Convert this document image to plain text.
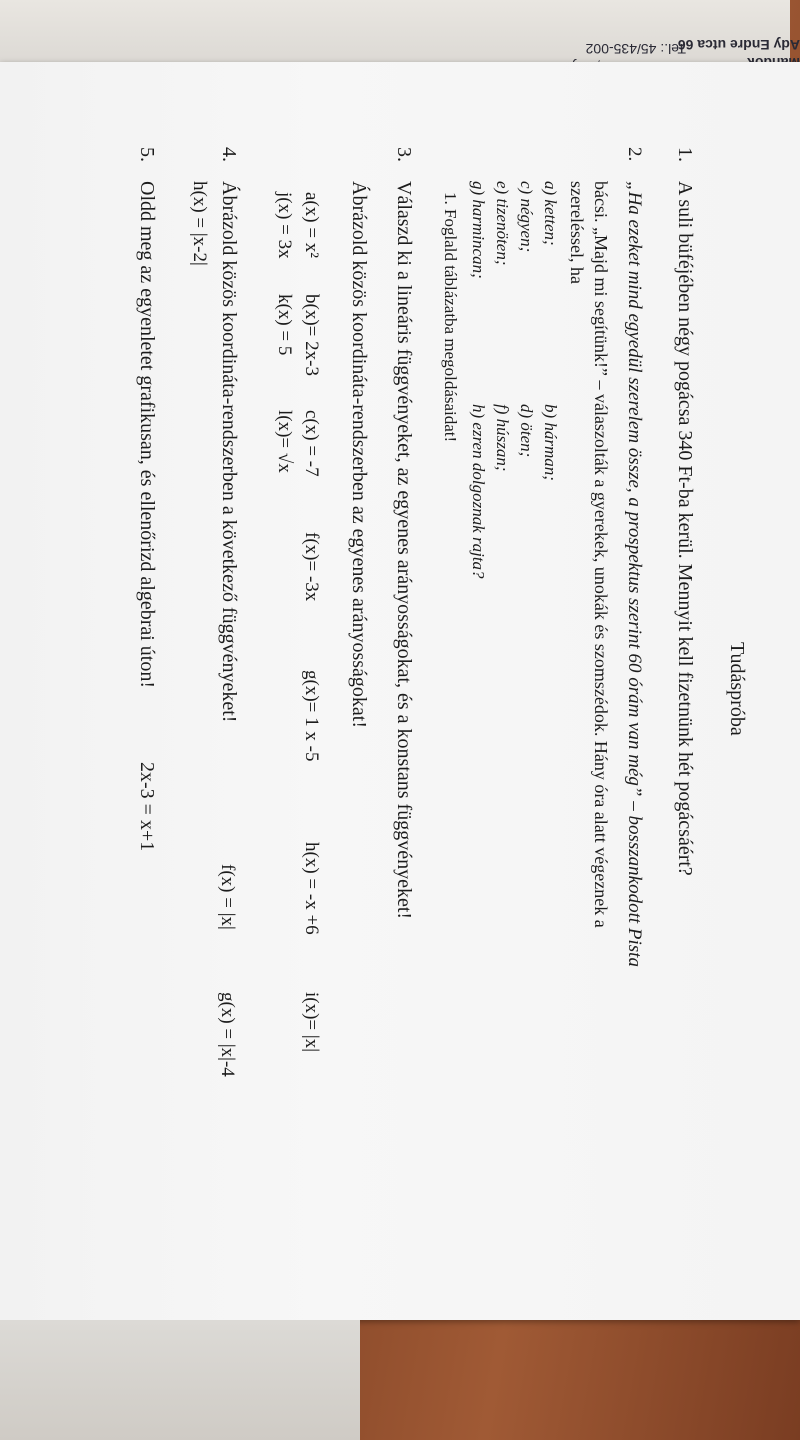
Tel.: 45/435-002
Ady Endre utca 66
Tudáspróba
1.A suli büféjében négy pogácsa 340 Ft-ba kerül. Mennyit kell fizetnünk hét pogácsáért?
2.„Ha ezeket mind egyedül szerelem össze, a prospektus szerint 60 órám van még” – bosszankodott Pista
bácsi. „Majd mi segítünk!” – válaszolták a gyerekek, unokák és szomszédok. Hány óra alatt végeznek a
szereléssel, ha
a) ketten;
c) négyen;
e) tizenöten;
g) harmincan;
b) hárman;
d) öten;
f) húszan;
h) ezren dolgoznak rajta?
1. Foglald táblázatba megoldásaidat!
3.Válaszd ki a lineáris függvényeket, az egyenes arányosságokat, és a konstans függvényeket!
Ábrázold közös koordináta-rendszerben az egyenes arányosságokat!
a(x) = x²
b(x)= 2x-3
c(x) = -7
f(x)= -3x
g(x)= 1 x -5
h(x) = -x +6
i(x)= |x|
j(x) = 3x
k(x) = 5
l(x)= √x
4.Ábrázold közös koordináta-rendszerben a következő függvényeket!
f(x) = |x|
g(x) = |x|-4
h(x) = |x-2|
5.Oldd meg az egyenletet grafikusan, és ellenőrizd algebrai úton!
2x-3 = x+1
